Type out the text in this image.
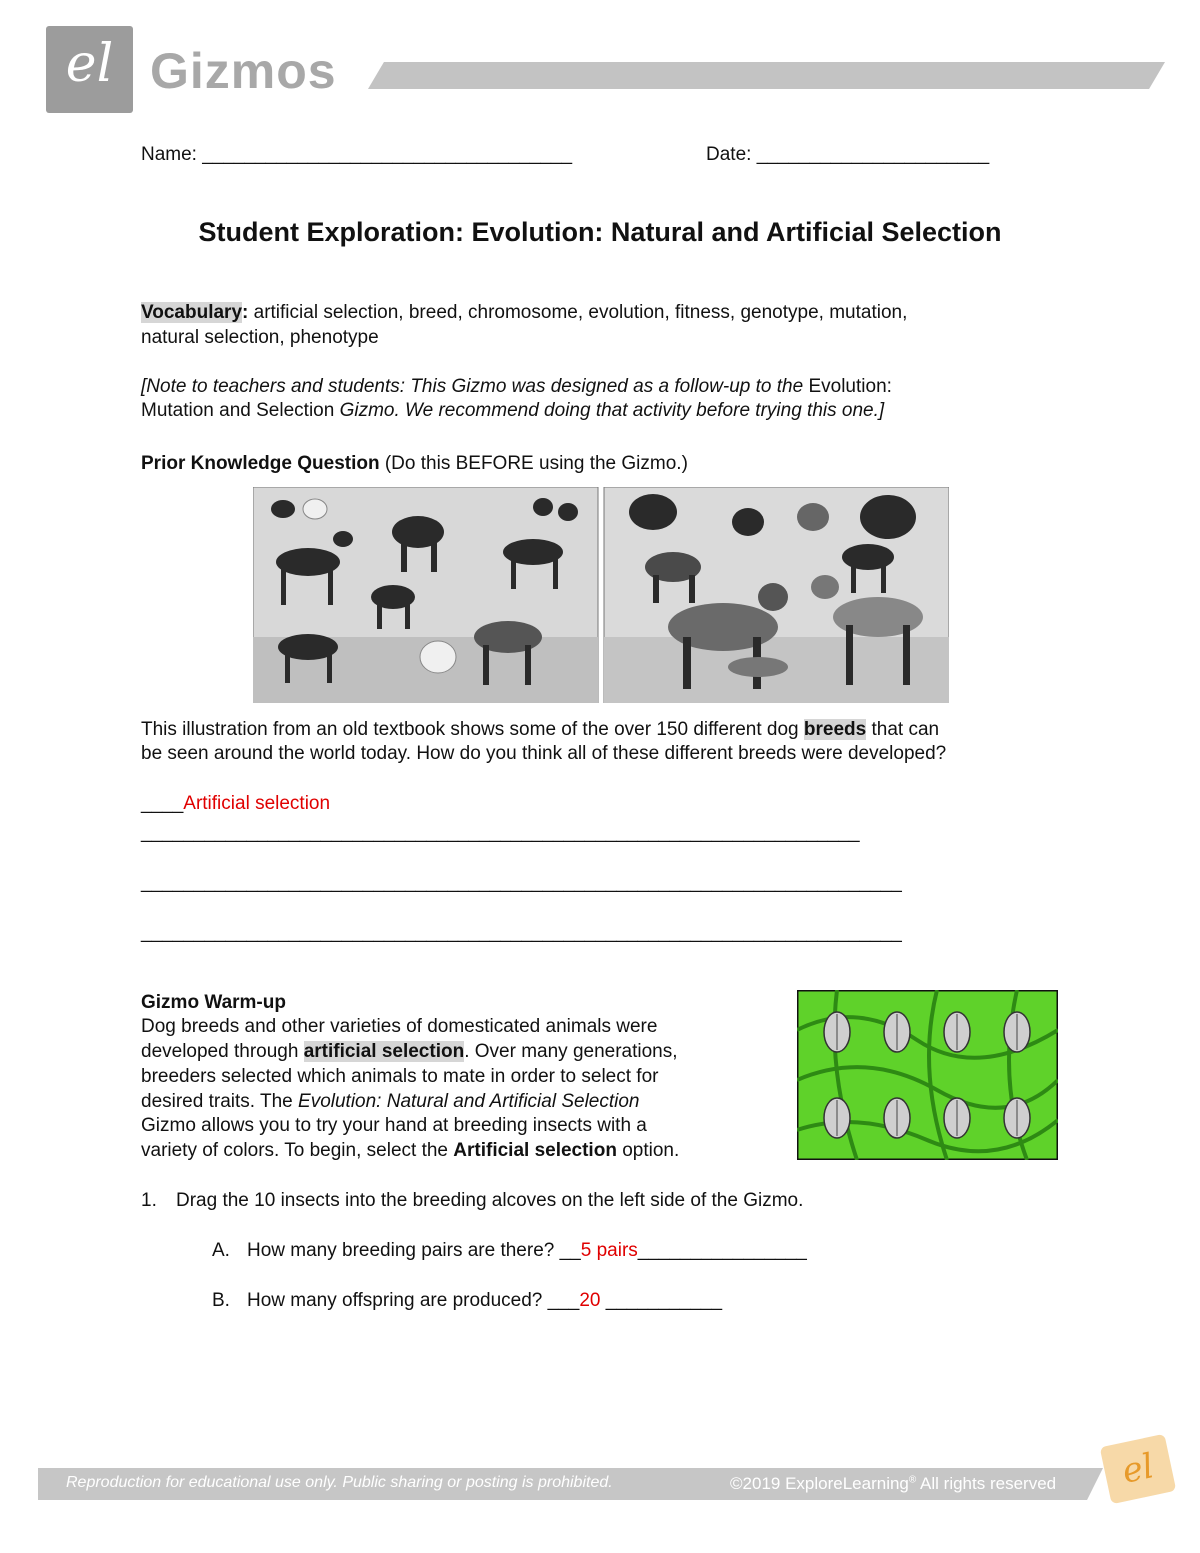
el Gizmos
Name: ___________________________________	Date: ______________________
Student Exploration: Evolution: Natural and Artificial Selection
Vocabulary: artificial selection, breed, chromosome, evolution, fitness, genotype, mutation,
natural selection, phenotype
[Note to teachers and students: This Gizmo was designed as a follow-up to the Evolution:
Mutation and Selection Gizmo. We recommend doing that activity before trying this one.]
Prior Knowledge Question (Do this BEFORE using the Gizmo.)
This illustration from an old textbook shows some of the over 150 different dog breeds that can
be seen around the world today. How do you think all of these different breeds were developed?
____Artificial selection
____________________________________________________________________
________________________________________________________________________
________________________________________________________________________
Gizmo Warm-up
Dog breeds and other varieties of domesticated animals were
developed through artificial selection. Over many generations,
breeders selected which animals to mate in order to select for
desired traits. The Evolution: Natural and Artificial Selection
Gizmo allows you to try your hand at breeding insects with a
variety of colors. To begin, select the Artificial selection option.
1. Drag the 10 insects into the breeding alcoves on the left side of the Gizmo.
A. How many breeding pairs are there? __5 pairs________________
B. How many offspring are produced? ___20 ___________
Reproduction for educational use only. Public sharing or posting is prohibited.	©2019 ExploreLearning® All rights reserved	el
